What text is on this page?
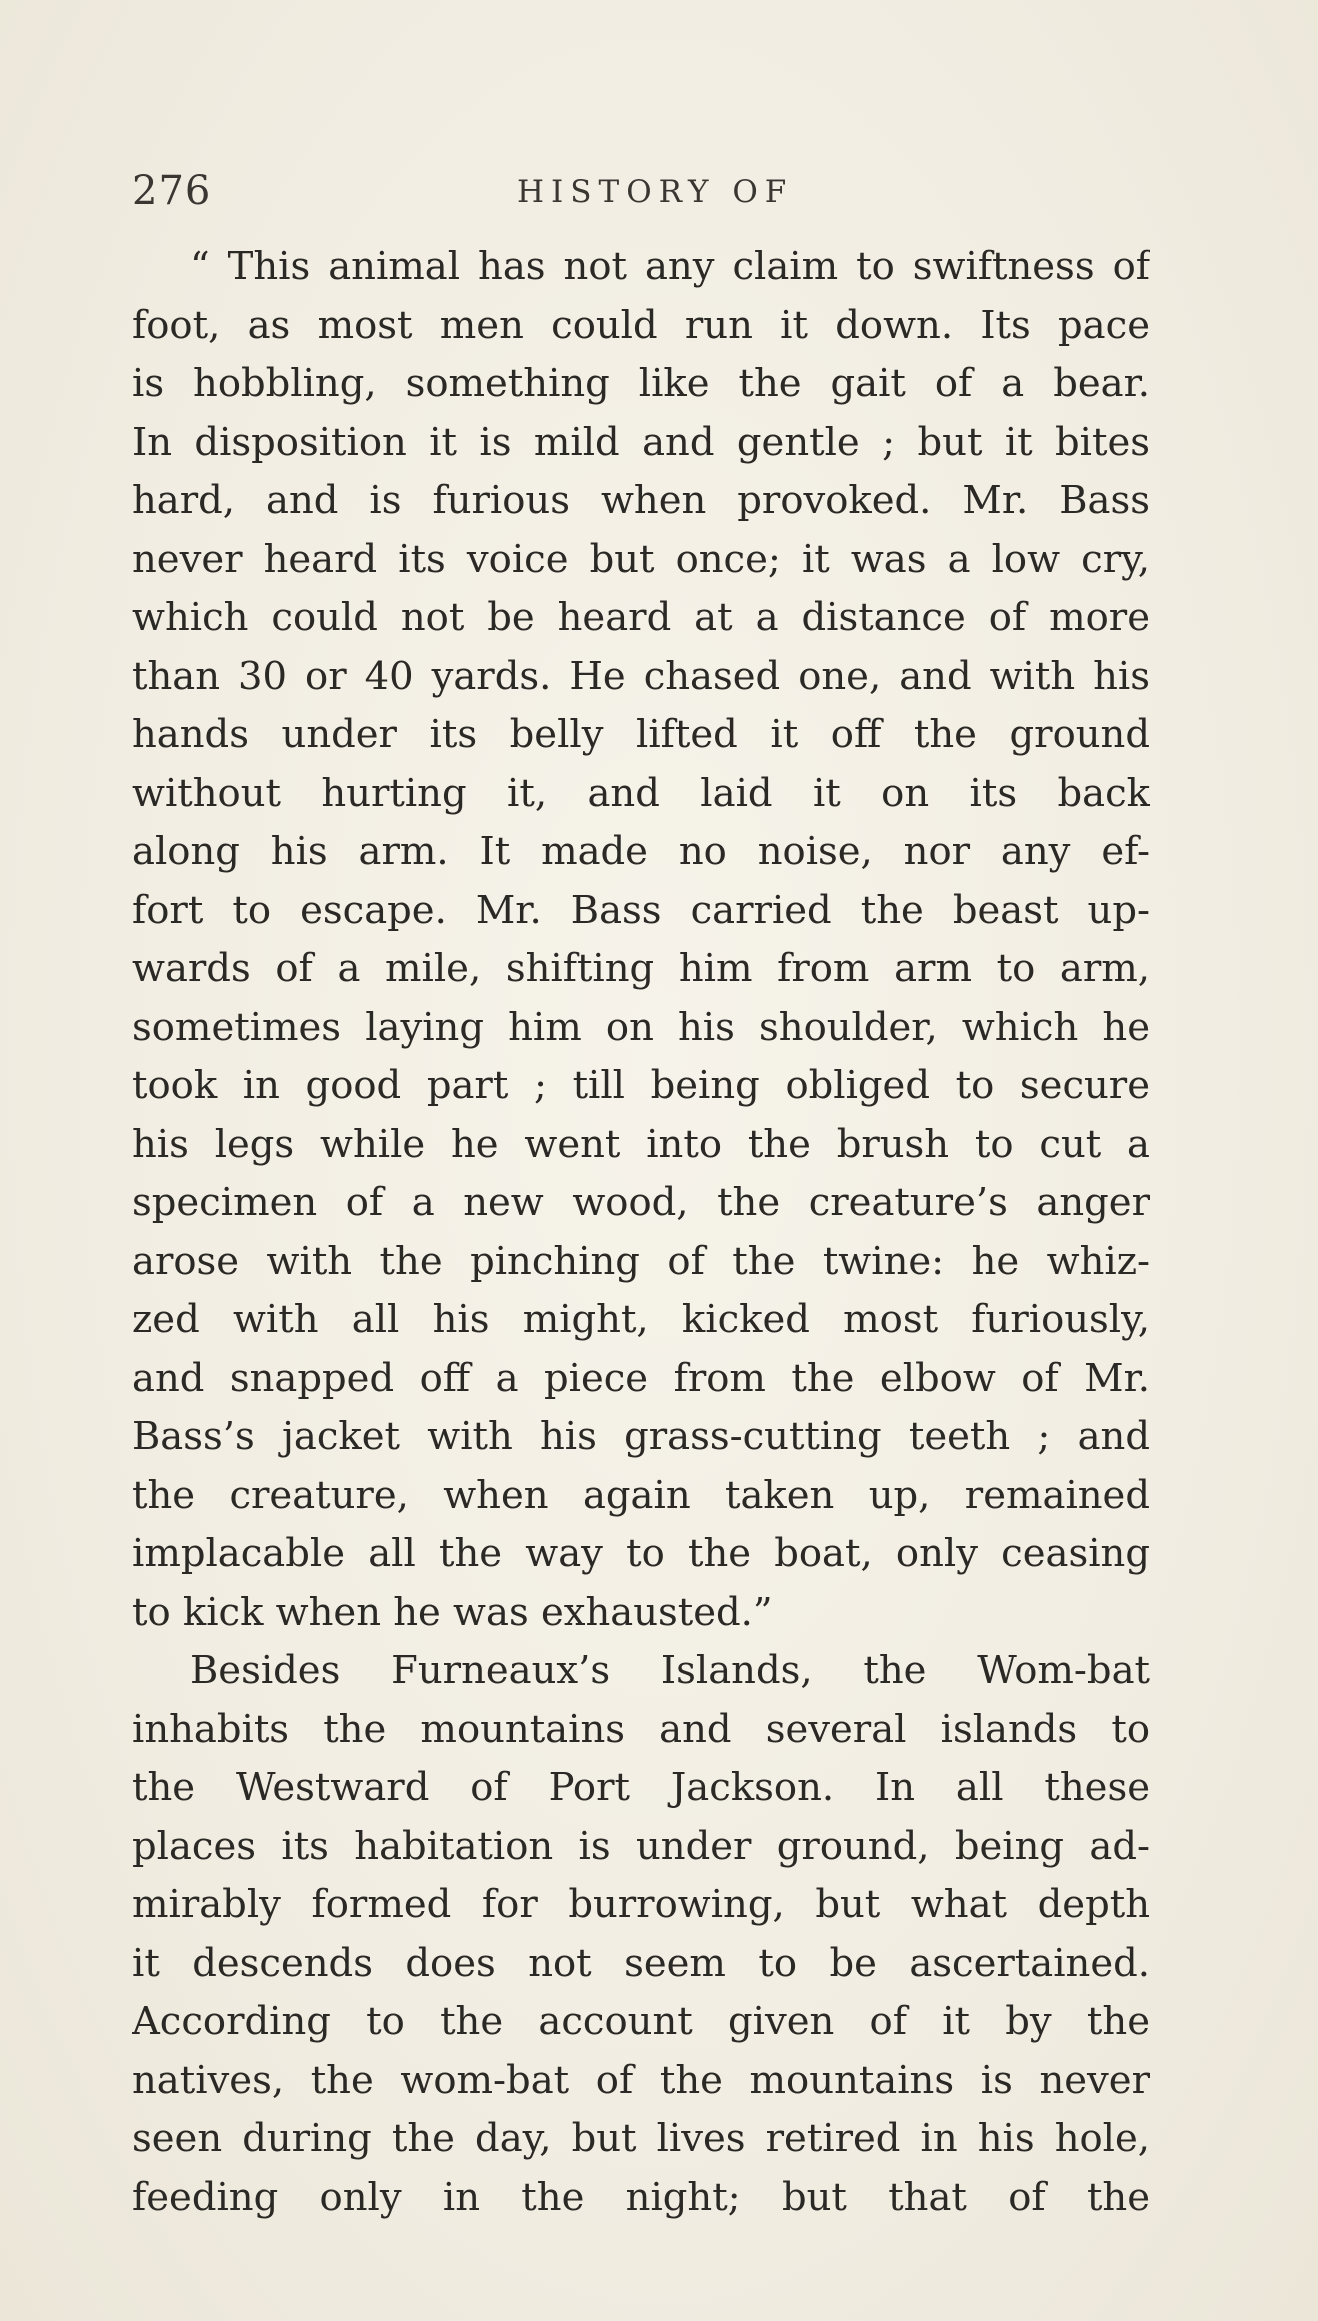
276	HISTORY OF
“ This animal has not any claim to swiftness of
foot, as most men could run it down. Its pace
is hobbling, something like the gait of a bear.
In disposition it is mild and gentle ; but it bites
hard, and is furious when provoked. Mr. Bass
never heard its voice but once; it was a low cry,
which could not be heard at a distance of more
than 30 or 40 yards. He chased one, and with his
hands under its belly lifted it off the ground
without hurting it, and laid it on its back
along his arm. It made no noise, nor any ef-
fort to escape. Mr. Bass carried the beast up-
wards of a mile, shifting him from arm to arm,
sometimes laying him on his shoulder, which he
took in good part ; till being obliged to secure
his legs while he went into the brush to cut a
specimen of a new wood, the creature’s anger
arose with the pinching of the twine: he whiz-
zed with all his might, kicked most furiously,
and snapped off a piece from the elbow of Mr.
Bass’s jacket with his grass-cutting teeth ; and
the creature, when again taken up, remained
implacable all the way to the boat, only ceasing
to kick when he was exhausted.”
Besides Furneaux’s Islands, the Wom-bat
inhabits the mountains and several islands to
the Westward of Port Jackson. In all these
places its habitation is under ground, being ad-
mirably formed for burrowing, but what depth
it descends does not seem to be ascertained.
According to the account given of it by the
natives, the wom-bat of the mountains is never
seen during the day, but lives retired in his hole,
feeding only in the night; but that of the
